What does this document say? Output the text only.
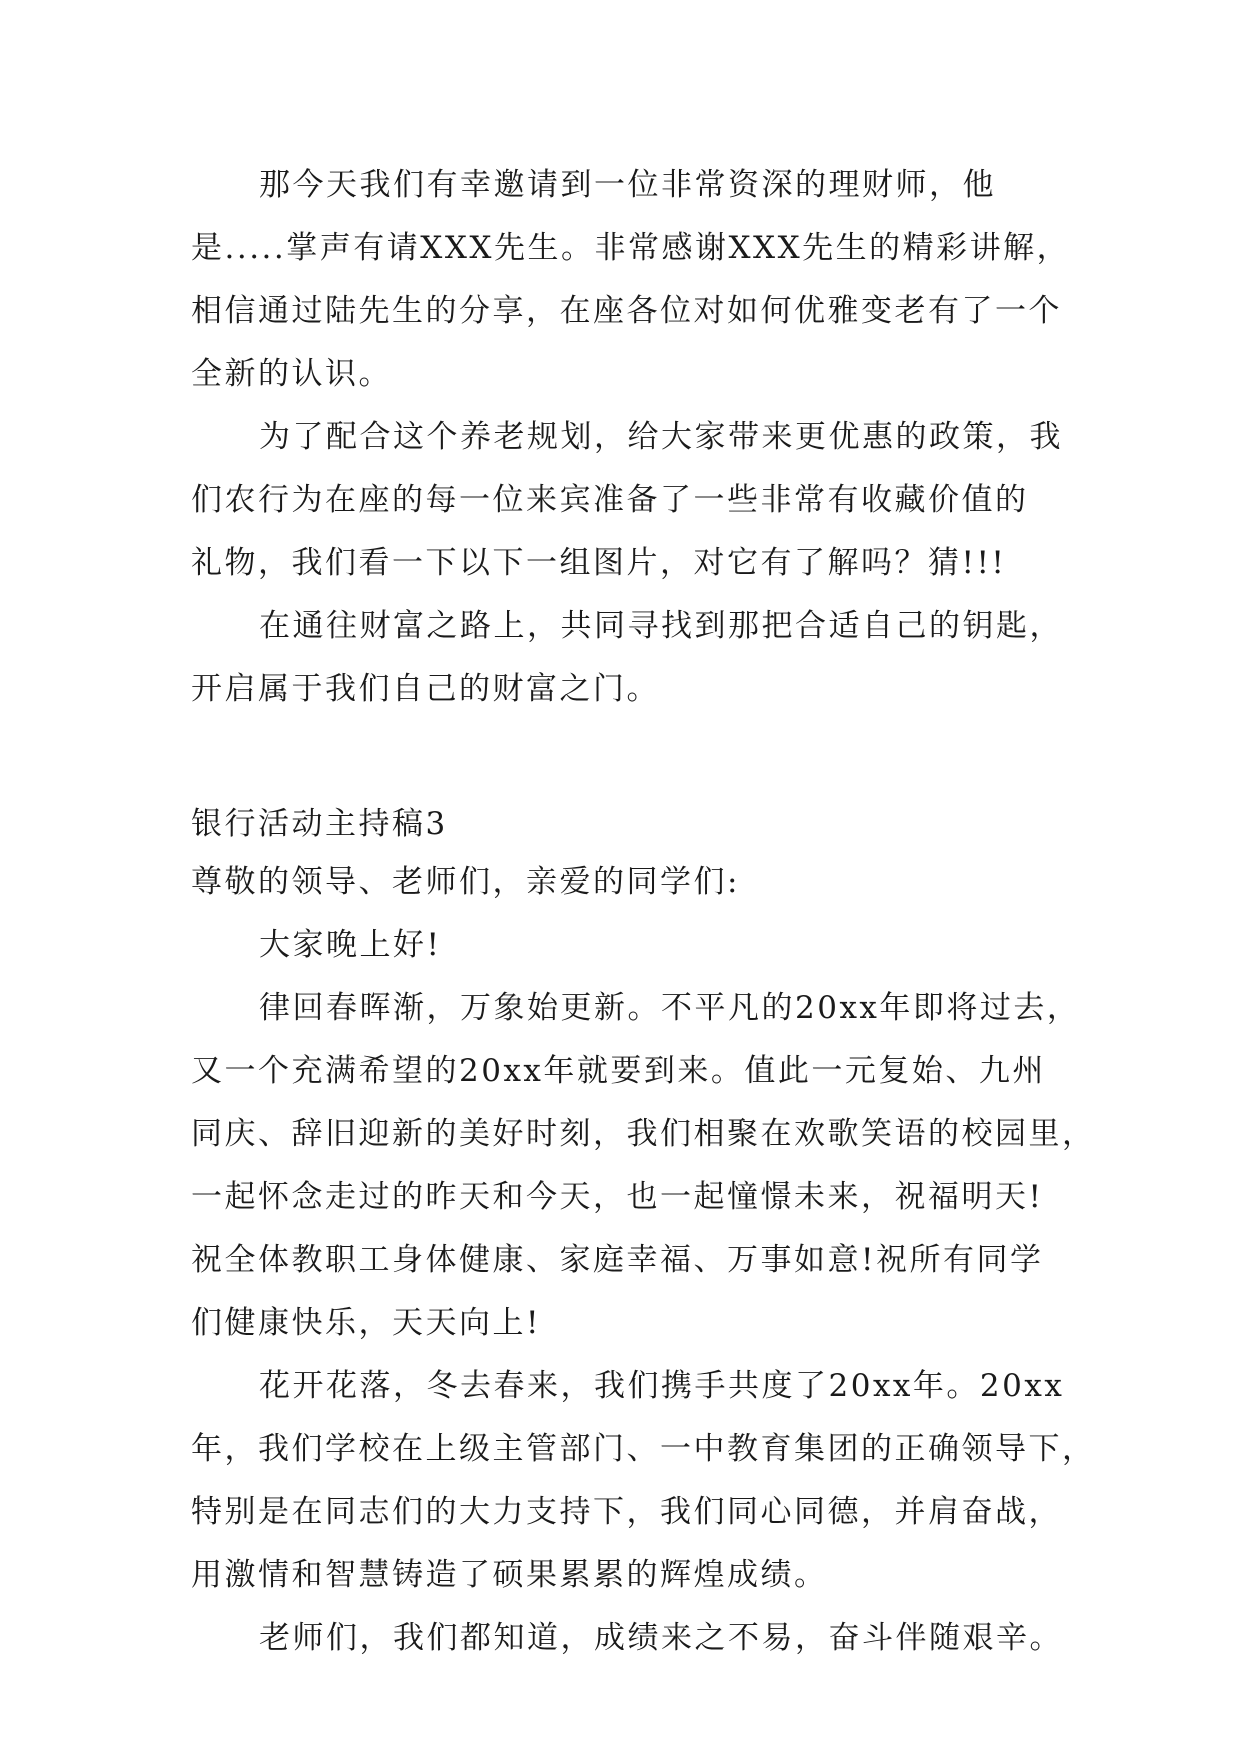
那今天我们有幸邀请到一位非常资深的理财师，他
是.....掌声有请XXX先生。非常感谢XXX先生的精彩讲解，
相信通过陆先生的分享，在座各位对如何优雅变老有了一个
全新的认识。
为了配合这个养老规划，给大家带来更优惠的政策，我
们农行为在座的每一位来宾准备了一些非常有收藏价值的
礼物，我们看一下以下一组图片，对它有了解吗？猜!!!
在通往财富之路上，共同寻找到那把合适自己的钥匙，
开启属于我们自己的财富之门。
银行活动主持稿3
尊敬的领导、老师们，亲爱的同学们:
大家晚上好!
律回春晖渐，万象始更新。不平凡的20xx年即将过去，
又一个充满希望的20xx年就要到来。值此一元复始、九州
同庆、辞旧迎新的美好时刻，我们相聚在欢歌笑语的校园里，
一起怀念走过的昨天和今天，也一起憧憬未来，祝福明天!
祝全体教职工身体健康、家庭幸福、万事如意!祝所有同学
们健康快乐，天天向上!
花开花落，冬去春来，我们携手共度了20xx年。20xx
年，我们学校在上级主管部门、一中教育集团的正确领导下，
特别是在同志们的大力支持下，我们同心同德，并肩奋战，
用激情和智慧铸造了硕果累累的辉煌成绩。
老师们，我们都知道，成绩来之不易，奋斗伴随艰辛。
